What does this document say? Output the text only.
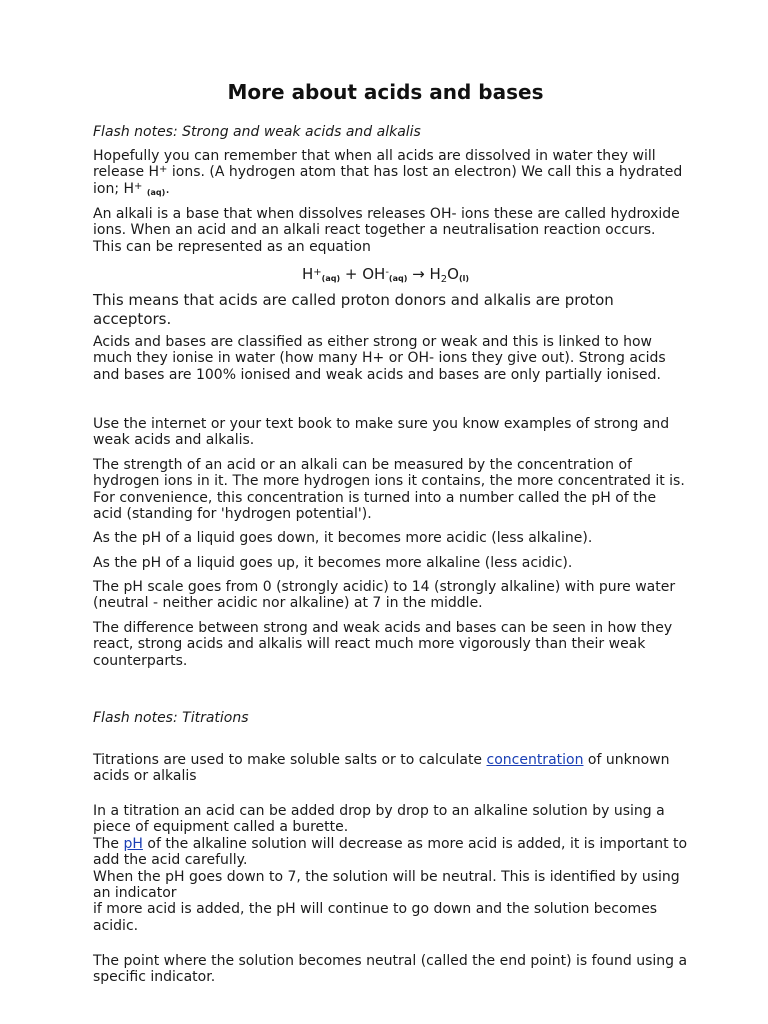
More about acids and bases

Flash notes: Strong and weak acids and alkalis

Hopefully you can remember that when all acids are dissolved in water they will release H+ ions. (A hydrogen atom that has lost an electron) We call this a hydrated ion; H+ $_{(aq)}$.

An alkali is a base that when dissolves releases OH- ions these are called hydroxide ions. When an acid and an alkali react together a neutralisation reaction occurs. This can be represented as an equation

$H^+_{(aq)} + OH^-_{(aq)} \to H_2O_{(l)}$

This means that acids are called proton donors and alkalis are proton acceptors.

Acids and bases are classified as either strong or weak and this is linked to how much they ionise in water (how many H+ or OH- ions they give out). Strong acids and bases are 100% ionised and weak acids and bases are only partially ionised.

Use the internet or your text book to make sure you know examples of strong and weak acids and alkalis.

The strength of an acid or an alkali can be measured by the concentration of hydrogen ions in it. The more hydrogen ions it contains, the more concentrated it is. For convenience, this concentration is turned into a number called the pH of the acid (standing for 'hydrogen potential').

As the pH of a liquid goes down, it becomes more acidic (less alkaline).

As the pH of a liquid goes up, it becomes more alkaline (less acidic).

The pH scale goes from 0 (strongly acidic) to 14 (strongly alkaline) with pure water (neutral - neither acidic nor alkaline) at 7 in the middle.

The difference between strong and weak acids and bases can be seen in how they react, strong acids and alkalis will react much more vigorously than their weak counterparts.

Flash notes: Titrations

Titrations are used to make soluble salts or to calculate concentration of unknown acids or alkalis

In a titration an acid can be added drop by drop to an alkaline solution by using a piece of equipment called a burette.
The pH of the alkaline solution will decrease as more acid is added, it is important to add the acid carefully.
When the pH goes down to 7, the solution will be neutral. This is identified by using an indicator
if more acid is added, the pH will continue to go down and the solution becomes acidic.

The point where the solution becomes neutral (called the end point) is found using a specific indicator.
